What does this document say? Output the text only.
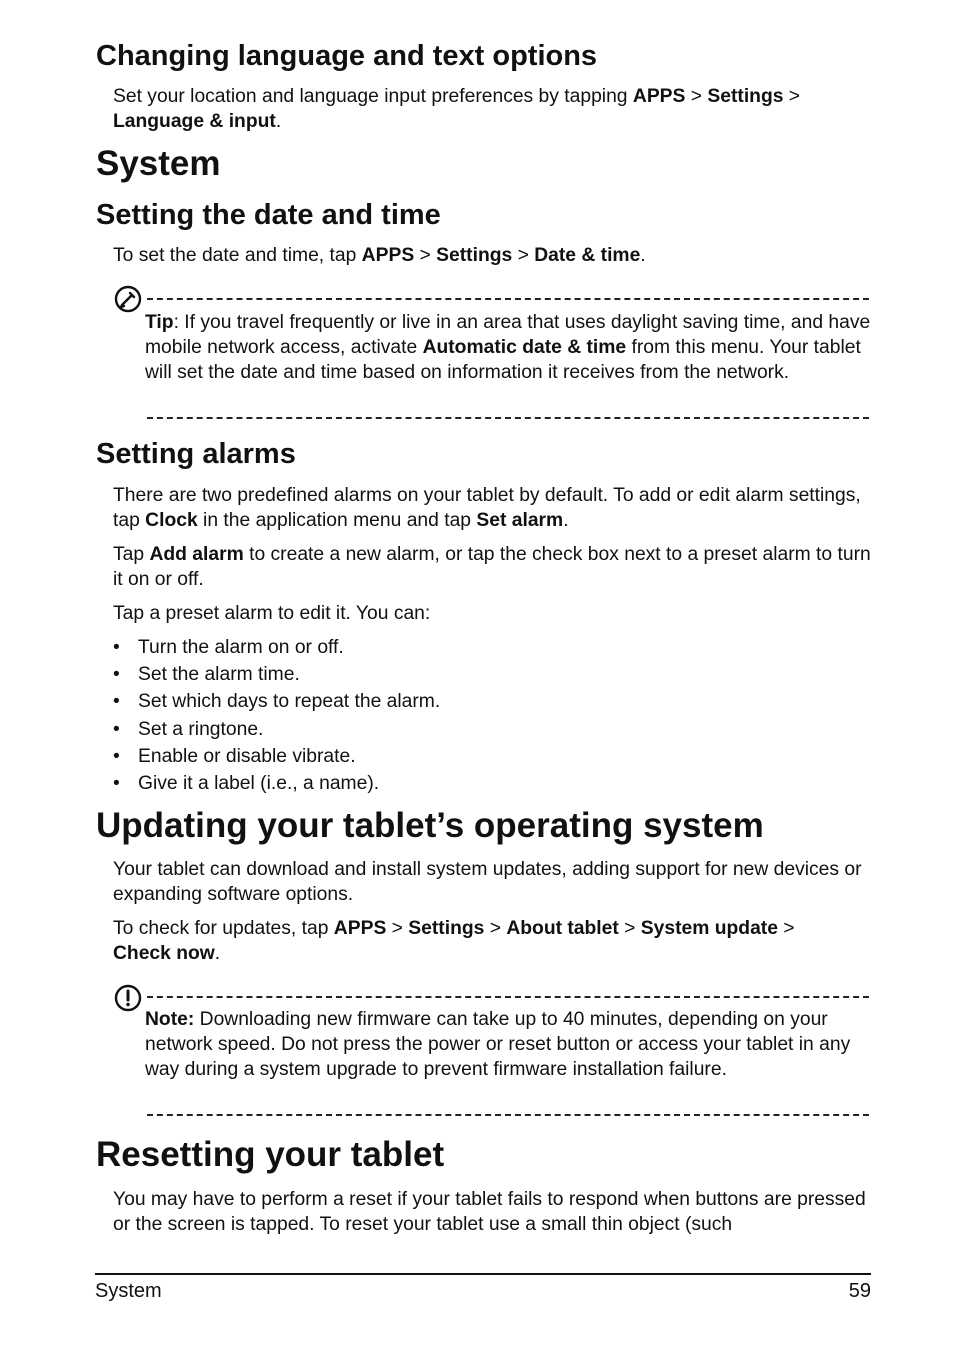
Changing language and text options

Set your location and language input preferences by tapping APPS > Settings >
Language & input.

System
Setting the date and time

To set the date and time, tap APPS > Settings > Date & time.

Tip: If you travel frequently or live in an area that uses daylight saving time, and have mobile network access, activate Automatic date & time from this menu. Your tablet will set the date and time based on information it receives from the network.

Setting alarms

There are two predefined alarms on your tablet by default. To add or edit alarm settings, tap Clock in the application menu and tap Set alarm.

Tap Add alarm to create a new alarm, or tap the check box next to a preset alarm to turn it on or off.

Tap a preset alarm to edit it. You can:

• Turn the alarm on or off.
• Set the alarm time.
• Set which days to repeat the alarm.
• Set a ringtone.
• Enable or disable vibrate.
• Give it a label (i.e., a name).
Updating your tablet’s operating system

Your tablet can download and install system updates, adding support for new devices or expanding software options.

To check for updates, tap APPS > Settings > About tablet > System update >
Check now.

Note: Downloading new firmware can take up to 40 minutes, depending on your network speed. Do not press the power or reset button or access your tablet in any way during a system upgrade to prevent firmware installation failure.

Resetting your tablet

You may have to perform a reset if your tablet fails to respond when buttons are pressed or the screen is tapped. To reset your tablet use a small thin object (such

System	59
